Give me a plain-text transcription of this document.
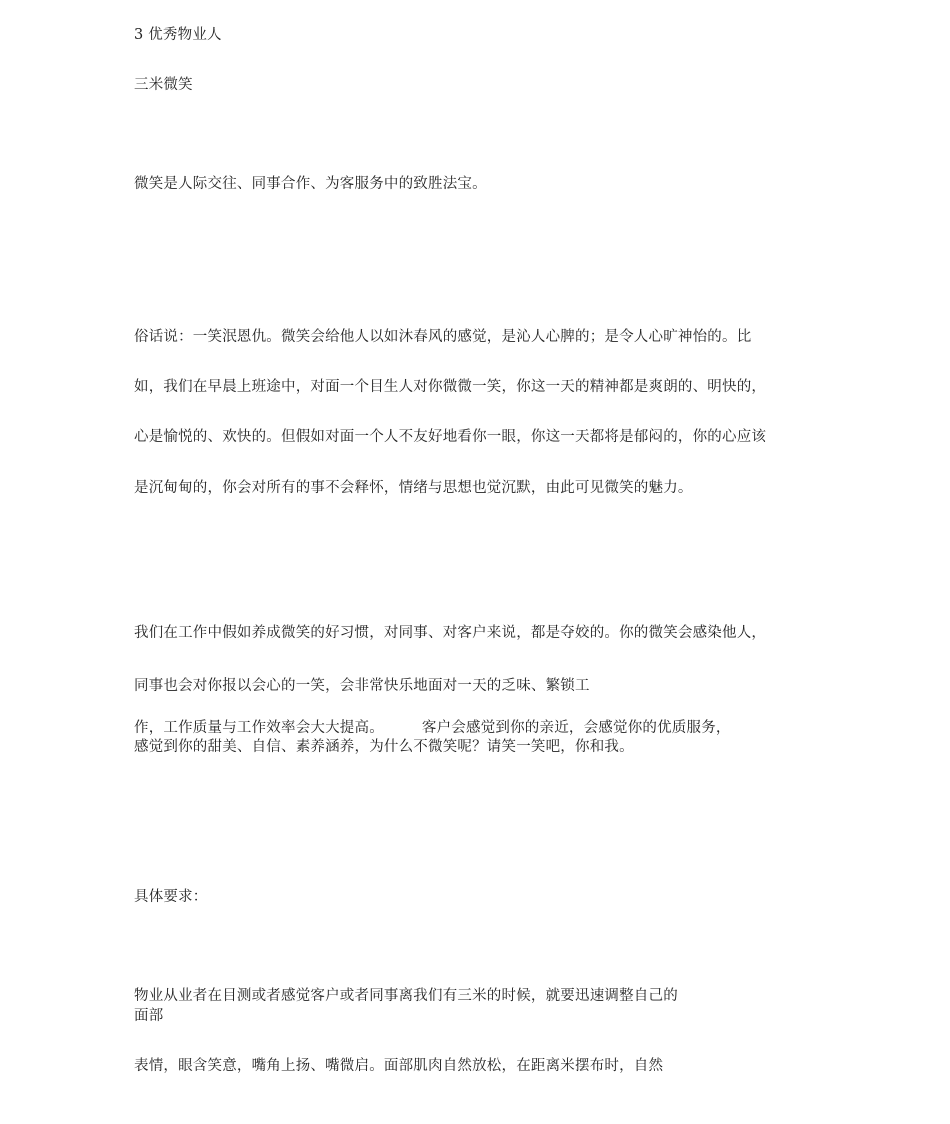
3 优秀物业人
三米微笑
微笑是人际交往、同事合作、为客服务中的致胜法宝。
俗话说：一笑泯恩仇。微笑会给他人以如沐春风的感觉，是沁人心脾的；是令人心旷神怡的。比
如，我们在早晨上班途中，对面一个目生人对你微微一笑，你这一天的精神都是爽朗的、明快的，
心是愉悦的、欢快的。但假如对面一个人不友好地看你一眼，你这一天都将是郁闷的，你的心应该
是沉甸甸的，你会对所有的事不会释怀，情绪与思想也觉沉默，由此可见微笑的魅力。
我们在工作中假如养成微笑的好习惯，对同事、对客户来说，都是夺姣的。你的微笑会感染他人，
同事也会对你报以会心的一笑，会非常快乐地面对一天的乏味、繁锁工
作，工作质量与工作效率会大大提高。	客户会感觉到你的亲近，会感觉你的优质服务，
感觉到你的甜美、自信、素养涵养，为什么不微笑呢？请笑一笑吧，你和我。
具体要求：
物业从业者在目测或者感觉客户或者同事离我们有三米的时候，就要迅速调整自己的
面部
表情，眼含笑意，嘴角上扬、嘴微启。面部肌肉自然放松，在距离米摆布时，自然
